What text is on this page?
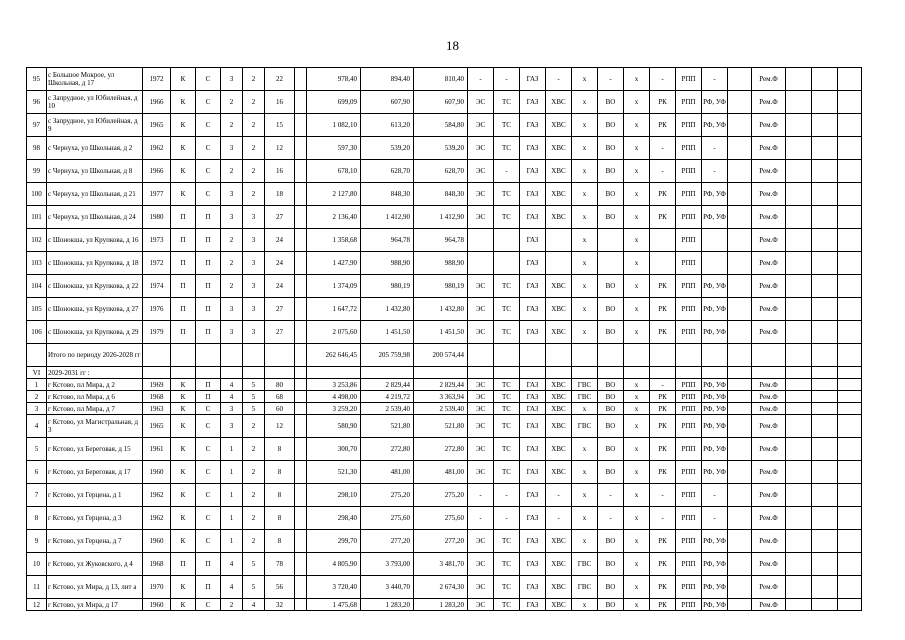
18
95	с Большое Мокрое, ул Школьная, д 17	1972	К	С	3	2	22		978,40	894,40	810,40	-	-	ГАЗ	-	х	-	х	-	РПП	-		Рем.Ф			
96	с Запрудное, ул Юбилейная, д 10	1966	К	С	2	2	16		699,09	607,90	607,90	ЭС	ТС	ГАЗ	ХВС	х	ВО	х	РК	РПП	РФ, УФ		Рем.Ф			
97	с Запрудное, ул Юбилейная, д 9	1965	К	С	2	2	15		1 082,10	613,20	584,80	ЭС	ТС	ГАЗ	ХВС	х	ВО	х	РК	РПП	РФ, УФ		Рем.Ф			
98	с Чернуха, ул Школьная, д 2	1962	К	С	3	2	12		597,30	539,20	539,20	ЭС	ТС	ГАЗ	ХВС	х	ВО	х	-	РПП	-		Рем.Ф			
99	с Чернуха, ул Школьная, д 8	1966	К	С	2	2	16		678,10	628,70	628,70	ЭС	-	ГАЗ	ХВС	х	ВО	х	-	РПП	-		Рем.Ф			
100	с Чернуха, ул Школьная, д 21	1977	К	С	3	2	18		2 127,80	848,30	848,30	ЭС	ТС	ГАЗ	ХВС	х	ВО	х	РК	РПП	РФ, УФ		Рем.Ф			
101	с Чернуха, ул Школьная, д 24	1980	П	П	3	3	27		2 136,40	1 412,90	1 412,90	ЭС	ТС	ГАЗ	ХВС	х	ВО	х	РК	РПП	РФ, УФ		Рем.Ф			
102	с Шонокша, ул Крупкова, д 16	1973	П	П	2	3	24		1 358,68	964,78	964,78			ГАЗ		х		х		РПП			Рем.Ф			
103	с Шонокша, ул Крупкова, д 18	1972	П	П	2	3	24		1 427,90	988,90	988,90			ГАЗ		х		х		РПП			Рем.Ф			
104	с Шонокша, ул Крупкова, д 22	1974	П	П	2	3	24		1 374,09	980,19	980,19	ЭС	ТС	ГАЗ	ХВС	х	ВО	х	РК	РПП	РФ, УФ		Рем.Ф			
105	с Шонокша, ул Крупкова, д 27	1976	П	П	3	3	27		1 647,72	1 432,80	1 432,80	ЭС	ТС	ГАЗ	ХВС	х	ВО	х	РК	РПП	РФ, УФ		Рем.Ф			
106	с Шонокша, ул Крупкова, д 29	1979	П	П	3	3	27		2 075,60	1 451,50	1 451,50	ЭС	ТС	ГАЗ	ХВС	х	ВО	х	РК	РПП	РФ, УФ		Рем.Ф			
	Итого по периоду 2026-2028 гг								262 646,45	205 759,98	200 574,44															
VI	2029-2031 гг :																									
1	г Кстово, пл Мира, д 2	1969	К	П	4	5	80		3 253,86	2 829,44	2 829,44	ЭС	ТС	ГАЗ	ХВС	ГВС	ВО	х	-	РПП	РФ, УФ		Рем.Ф			
2	г Кстово, пл Мира, д 6	1968	К	П	4	5	68		4 498,00	4 219,72	3 363,94	ЭС	ТС	ГАЗ	ХВС	ГВС	ВО	х	РК	РПП	РФ, УФ		Рем.Ф			
3	г Кстово, пл Мира, д 7	1963	К	С	3	5	60		3 259,20	2 539,40	2 539,40	ЭС	ТС	ГАЗ	ХВС	х	ВО	х	РК	РПП	РФ, УФ		Рем.Ф			
4	г Кстово, ул Магистральная, д 3	1965	К	С	3	2	12		580,90	521,80	521,80	ЭС	ТС	ГАЗ	ХВС	ГВС	ВО	х	РК	РПП	РФ, УФ		Рем.Ф			
5	г Кстово, ул Береговая, д 15	1961	К	С	1	2	8		300,70	272,80	272,80	ЭС	ТС	ГАЗ	ХВС	х	ВО	х	РК	РПП	РФ, УФ		Рем.Ф			
6	г Кстово, ул Береговая, д 17	1960	К	С	1	2	8		521,30	481,00	481,00	ЭС	ТС	ГАЗ	ХВС	х	ВО	х	РК	РПП	РФ, УФ		Рем.Ф			
7	г Кстово, ул Герцена, д 1	1962	К	С	1	2	8		298,10	275,20	275,20	-	-	ГАЗ	-	х	-	х	-	РПП	-		Рем.Ф			
8	г Кстово, ул Герцена, д 3	1962	К	С	1	2	8		298,40	275,60	275,60	-	-	ГАЗ	-	х	-	х	-	РПП	-		Рем.Ф			
9	г Кстово, ул Герцена, д 7	1960	К	С	1	2	8		299,70	277,20	277,20	ЭС	ТС	ГАЗ	ХВС	х	ВО	х	РК	РПП	РФ, УФ		Рем.Ф			
10	г Кстово, ул Жуковского, д 4	1968	П	П	4	5	78		4 805,90	3 793,00	3 481,70	ЭС	ТС	ГАЗ	ХВС	ГВС	ВО	х	РК	РПП	РФ, УФ		Рем.Ф			
11	г Кстово, ул Мира, д 13, лит а	1970	К	П	4	5	56		3 720,40	3 440,70	2 674,30	ЭС	ТС	ГАЗ	ХВС	ГВС	ВО	х	РК	РПП	РФ, УФ		Рем.Ф			
12	г Кстово, ул Мира, д 17	1960	К	С	2	4	32		1 475,68	1 283,20	1 283,20	ЭС	ТС	ГАЗ	ХВС	х	ВО	х	РК	РПП	РФ, УФ		Рем.Ф			
